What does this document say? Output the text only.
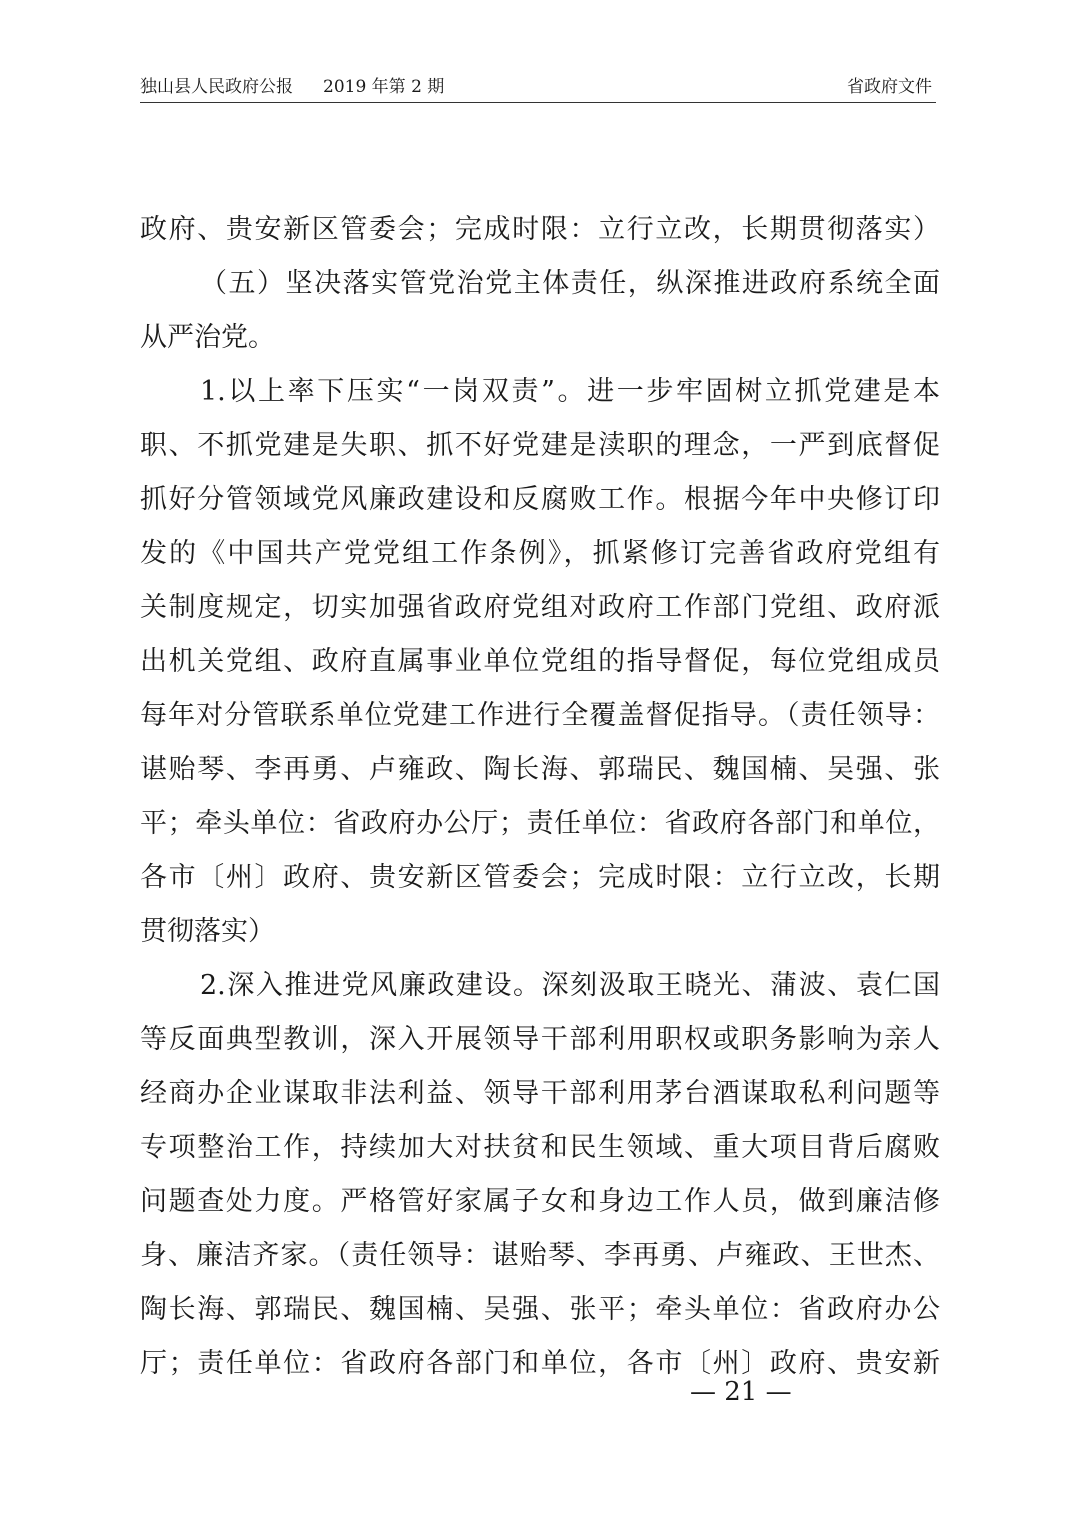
独山县人民政府公报 2019 年第 2 期	省政府文件
政府、贵安新区管委会；完成时限：立行立改，长期贯彻落实）
（五）坚决落实管党治党主体责任，纵深推进政府系统全面
从严治党。
1.以上率下压实“一岗双责”。进一步牢固树立抓党建是本
职、不抓党建是失职、抓不好党建是渎职的理念，一严到底督促
抓好分管领域党风廉政建设和反腐败工作。根据今年中央修订印
发的《中国共产党党组工作条例》，抓紧修订完善省政府党组有
关制度规定，切实加强省政府党组对政府工作部门党组、政府派
出机关党组、政府直属事业单位党组的指导督促，每位党组成员
每年对分管联系单位党建工作进行全覆盖督促指导。（责任领导：
谌贻琴、李再勇、卢雍政、陶长海、郭瑞民、魏国楠、吴强、张
平；牵头单位：省政府办公厅；责任单位：省政府各部门和单位，
各市〔州〕政府、贵安新区管委会；完成时限：立行立改，长期
贯彻落实）
2.深入推进党风廉政建设。深刻汲取王晓光、蒲波、袁仁国
等反面典型教训，深入开展领导干部利用职权或职务影响为亲人
经商办企业谋取非法利益、领导干部利用茅台酒谋取私利问题等
专项整治工作，持续加大对扶贫和民生领域、重大项目背后腐败
问题查处力度。严格管好家属子女和身边工作人员，做到廉洁修
身、廉洁齐家。（责任领导：谌贻琴、李再勇、卢雍政、王世杰、
陶长海、郭瑞民、魏国楠、吴强、张平；牵头单位：省政府办公
厅；责任单位：省政府各部门和单位，各市〔州〕政府、贵安新
— 21 —
